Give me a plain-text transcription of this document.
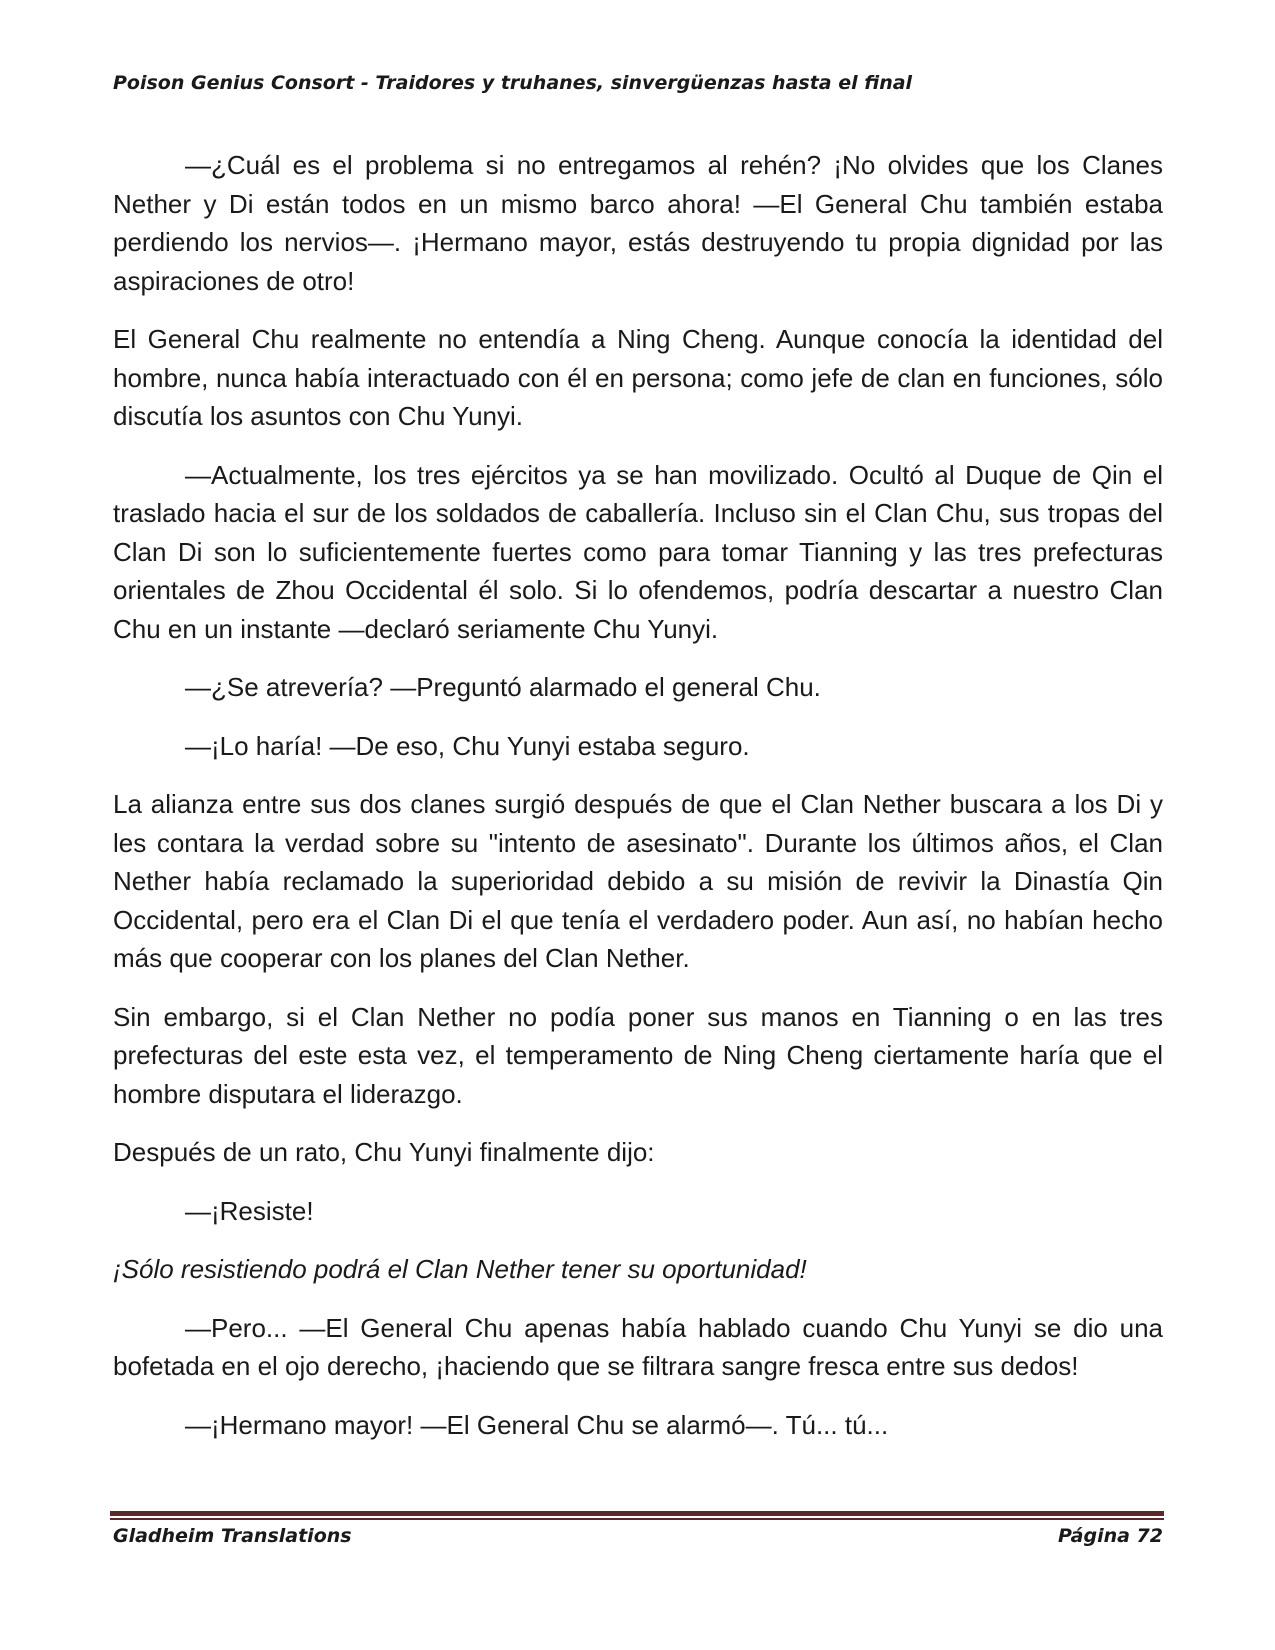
Poison Genius Consort - Traidores y truhanes, sinvergüenzas hasta el final

—¿Cuál es el problema si no entregamos al rehén? ¡No olvides que los Clanes Nether y Di están todos en un mismo barco ahora! —El General Chu también estaba perdiendo los nervios—. ¡Hermano mayor, estás destruyendo tu propia dignidad por las aspiraciones de otro!

El General Chu realmente no entendía a Ning Cheng. Aunque conocía la identidad del hombre, nunca había interactuado con él en persona; como jefe de clan en funciones, sólo discutía los asuntos con Chu Yunyi.

—Actualmente, los tres ejércitos ya se han movilizado. Ocultó al Duque de Qin el traslado hacia el sur de los soldados de caballería. Incluso sin el Clan Chu, sus tropas del Clan Di son lo suficientemente fuertes como para tomar Tianning y las tres prefecturas orientales de Zhou Occidental él solo. Si lo ofendemos, podría descartar a nuestro Clan Chu en un instante —declaró seriamente Chu Yunyi.

—¿Se atrevería? —Preguntó alarmado el general Chu.

—¡Lo haría! —De eso, Chu Yunyi estaba seguro.

La alianza entre sus dos clanes surgió después de que el Clan Nether buscara a los Di y les contara la verdad sobre su "intento de asesinato". Durante los últimos años, el Clan Nether había reclamado la superioridad debido a su misión de revivir la Dinastía Qin Occidental, pero era el Clan Di el que tenía el verdadero poder. Aun así, no habían hecho más que cooperar con los planes del Clan Nether.

Sin embargo, si el Clan Nether no podía poner sus manos en Tianning o en las tres prefecturas del este esta vez, el temperamento de Ning Cheng ciertamente haría que el hombre disputara el liderazgo.

Después de un rato, Chu Yunyi finalmente dijo:

—¡Resiste!

¡Sólo resistiendo podrá el Clan Nether tener su oportunidad!

—Pero... —El General Chu apenas había hablado cuando Chu Yunyi se dio una bofetada en el ojo derecho, ¡haciendo que se filtrara sangre fresca entre sus dedos!

—¡Hermano mayor! —El General Chu se alarmó—. Tú... tú...

Gladheim Translations	Página 72
